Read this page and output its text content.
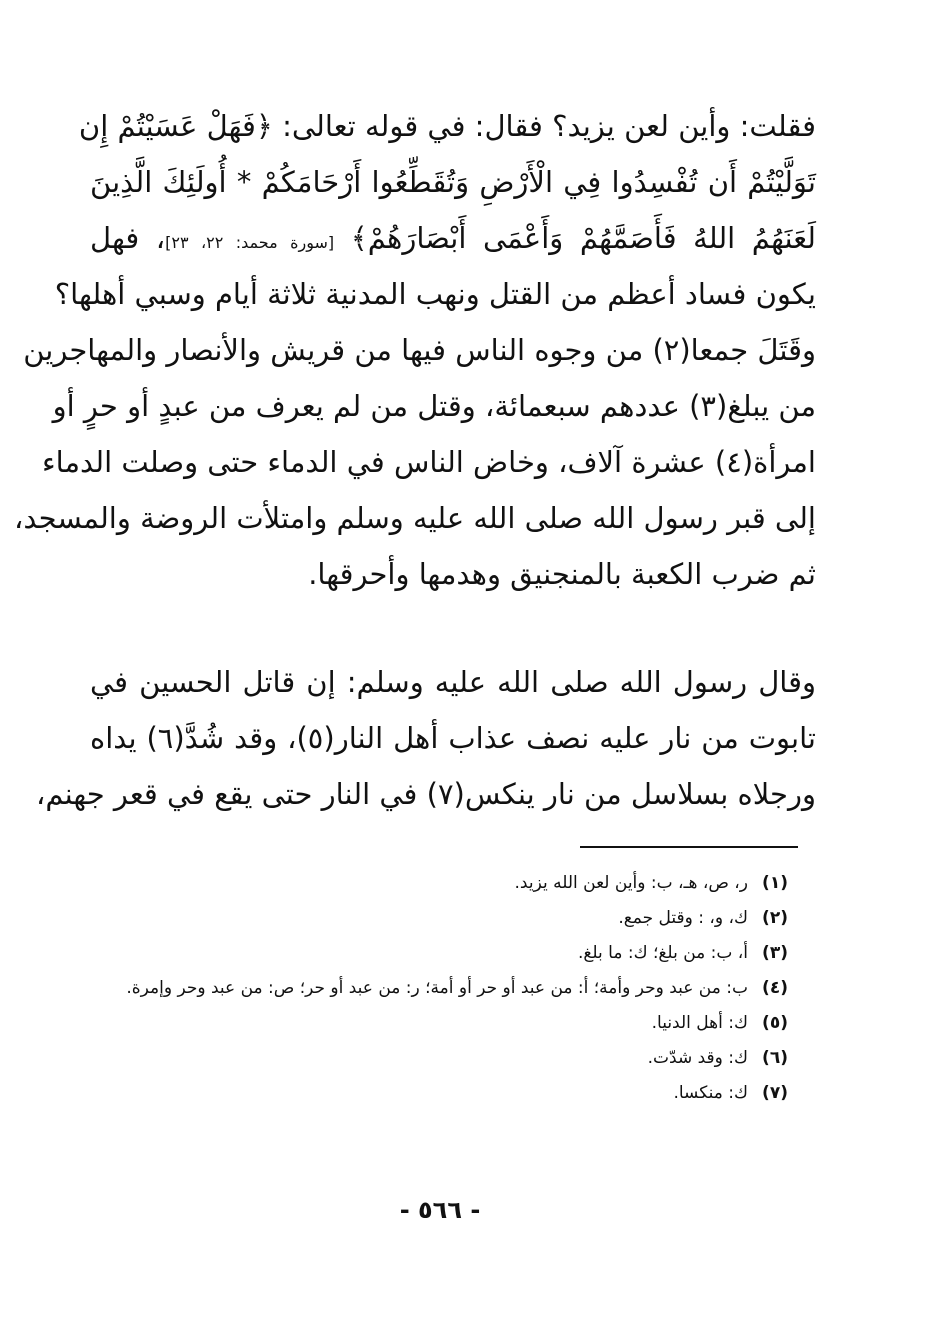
فقلت: وأين لعن يزيد؟ فقال: في قوله تعالى: ﴿فَهَلْ عَسَيْتُمْ إِن
تَوَلَّيْتُمْ أَن تُفْسِدُوا فِي الْأَرْضِ وَتُقَطِّعُوا أَرْحَامَكُمْ * أُولَئِكَ الَّذِينَ
لَعَنَهُمُ اللهُ فَأَصَمَّهُمْ وَأَعْمَى أَبْصَارَهُمْ﴾ [سورة محمد: ٢٢، ٢٣]، فهل
يكون فساد أعظم من القتل ونهب المدنية ثلاثة أيام وسبي أهلها؟
وقَتَلَ جمعا(٢) من وجوه الناس فيها من قريش والأنصار والمهاجرين
من يبلغ(٣) عددهم سبعمائة، وقتل من لم يعرف من عبدٍ أو حرٍ أو
امرأة(٤) عشرة آلاف، وخاض الناس في الدماء حتى وصلت الدماء
إلى قبر رسول الله صلى الله عليه وسلم وامتلأت الروضة والمسجد،
ثم ضرب الكعبة بالمنجنيق وهدمها وأحرقها.
وقال رسول الله صلى الله عليه وسلم: إن قاتل الحسين في
تابوت من نار عليه نصف عذاب أهل النار(٥)، وقد شُدَّ(٦) يداه
ورجلاه بسلاسل من نار ينكس(٧) في النار حتى يقع في قعر جهنم،
(١)
ر، ص، هـ، ب: وأين لعن الله يزيد.
(٢)
ك، و، : وقتل جمع.
(٣)
أ، ب: من بلغ؛ ك: ما بلغ.
(٤)
ب: من عبد وحر وأمة؛ أ: من عبد أو حر أو أمة؛ ر: من عبد أو حر؛ ص: من عبد وحر وإمرة.
(٥)
ك: أهل الدنيا.
(٦)
ك: وقد شدّت.
(٧)
ك: منكسا.
- ٥٦٦ -
